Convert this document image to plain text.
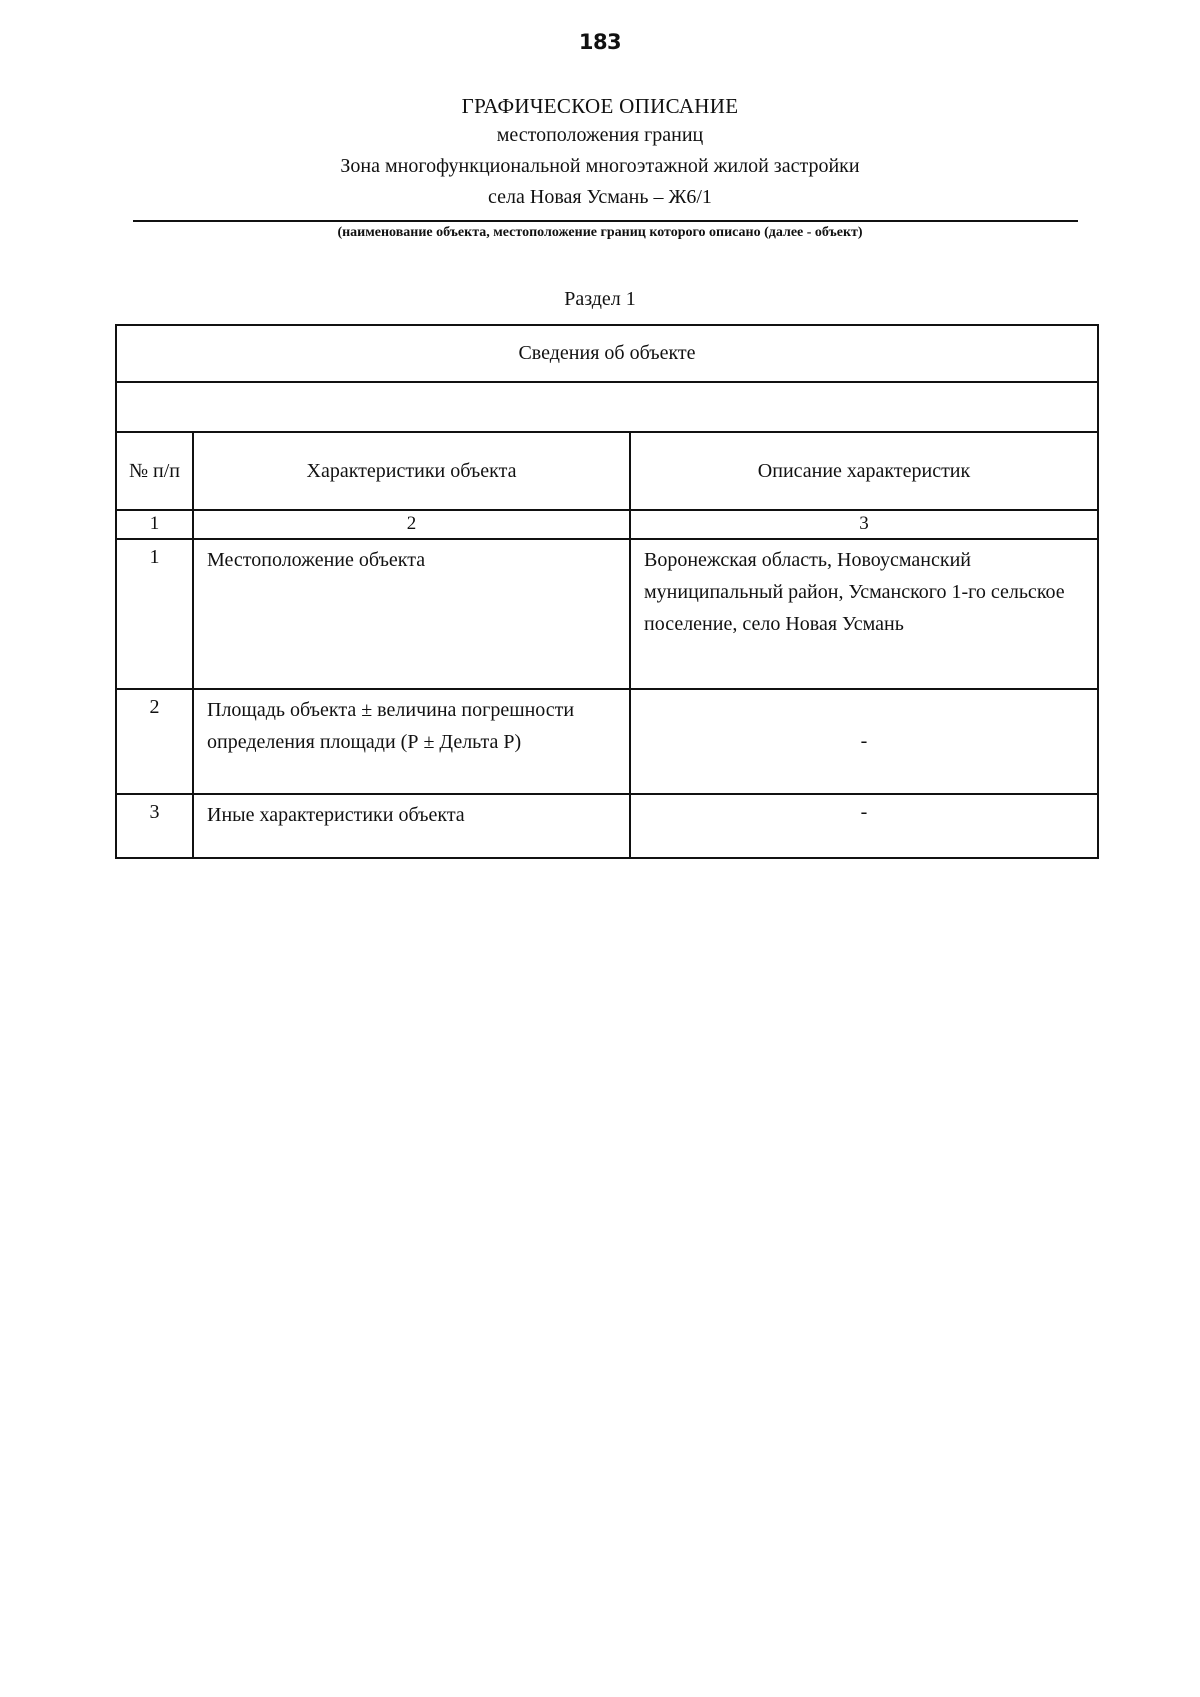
183
ГРАФИЧЕСКОЕ ОПИСАНИЕ
местоположения границ
Зона многофункциональной многоэтажной жилой застройки
села Новая Усмань – Ж6/1
(наименование объекта, местоположение границ которого описано (далее - объект)
Раздел 1
Сведения об объекте		

№ п/п	Характеристики объекта	Описание характеристик
1	2	3
1	Местоположение объекта	Воронежская область, Новоусманский муниципальный район, Усманского 1-го сельское поселение, село Новая Усмань
2	Площадь объекта ± величина погрешности определения площади (Р ± Дельта Р)	-
3	Иные характеристики объекта	-
